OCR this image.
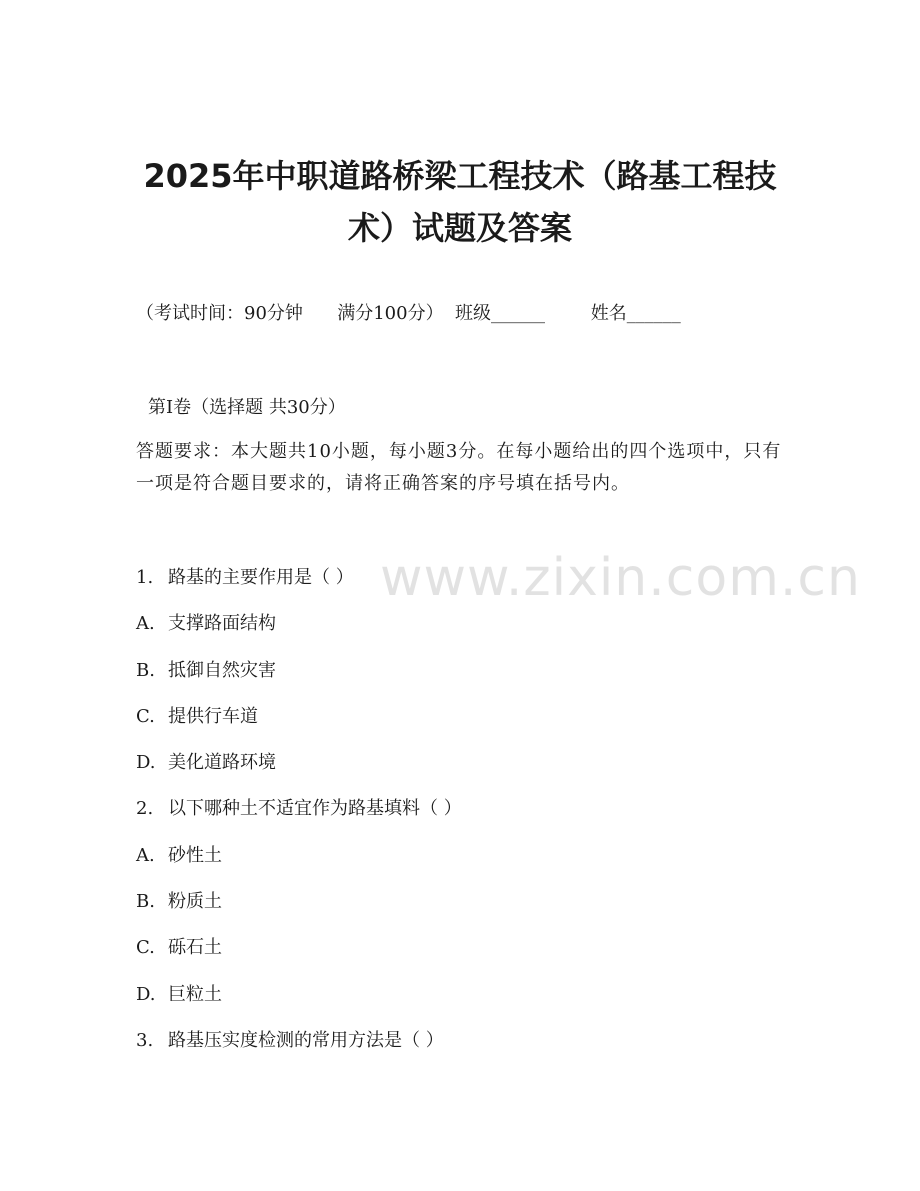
2025年中职道路桥梁工程技术（路基工程技
术）试题及答案
（考试时间：90分钟      满分100分）  班级______        姓名______
第Ⅰ卷（选择题 共30分）
答题要求：本大题共10小题，每小题3分。在每小题给出的四个选项中，只有一项是符合题目要求的，请将正确答案的序号填在括号内。
www.zixin.com.cn
1. 路基的主要作用是（ ）
A. 支撑路面结构
B. 抵御自然灾害
C. 提供行车道
D. 美化道路环境
2. 以下哪种土不适宜作为路基填料（ ）
A. 砂性土
B. 粉质土
C. 砾石土
D. 巨粒土
3. 路基压实度检测的常用方法是（ ）
